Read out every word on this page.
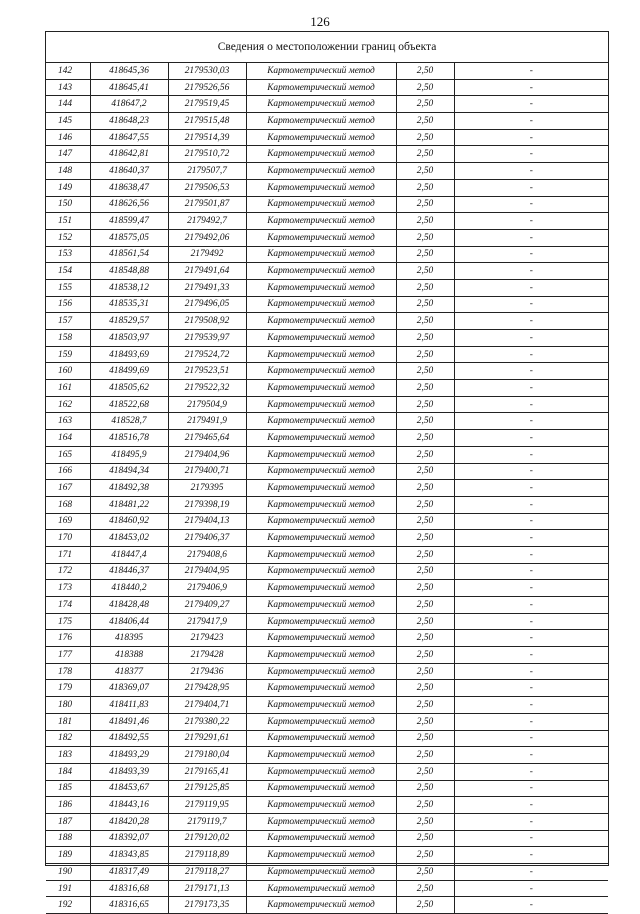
126
Сведения о местоположении границ объекта
142	418645,36	2179530,03	Картометрический метод	2,50	-
143	418645,41	2179526,56	Картометрический метод	2,50	-
144	418647,2	2179519,45	Картометрический метод	2,50	-
145	418648,23	2179515,48	Картометрический метод	2,50	-
146	418647,55	2179514,39	Картометрический метод	2,50	-
147	418642,81	2179510,72	Картометрический метод	2,50	-
148	418640,37	2179507,7	Картометрический метод	2,50	-
149	418638,47	2179506,53	Картометрический метод	2,50	-
150	418626,56	2179501,87	Картометрический метод	2,50	-
151	418599,47	2179492,7	Картометрический метод	2,50	-
152	418575,05	2179492,06	Картометрический метод	2,50	-
153	418561,54	2179492	Картометрический метод	2,50	-
154	418548,88	2179491,64	Картометрический метод	2,50	-
155	418538,12	2179491,33	Картометрический метод	2,50	-
156	418535,31	2179496,05	Картометрический метод	2,50	-
157	418529,57	2179508,92	Картометрический метод	2,50	-
158	418503,97	2179539,97	Картометрический метод	2,50	-
159	418493,69	2179524,72	Картометрический метод	2,50	-
160	418499,69	2179523,51	Картометрический метод	2,50	-
161	418505,62	2179522,32	Картометрический метод	2,50	-
162	418522,68	2179504,9	Картометрический метод	2,50	-
163	418528,7	2179491,9	Картометрический метод	2,50	-
164	418516,78	2179465,64	Картометрический метод	2,50	-
165	418495,9	2179404,96	Картометрический метод	2,50	-
166	418494,34	2179400,71	Картометрический метод	2,50	-
167	418492,38	2179395	Картометрический метод	2,50	-
168	418481,22	2179398,19	Картометрический метод	2,50	-
169	418460,92	2179404,13	Картометрический метод	2,50	-
170	418453,02	2179406,37	Картометрический метод	2,50	-
171	418447,4	2179408,6	Картометрический метод	2,50	-
172	418446,37	2179404,95	Картометрический метод	2,50	-
173	418440,2	2179406,9	Картометрический метод	2,50	-
174	418428,48	2179409,27	Картометрический метод	2,50	-
175	418406,44	2179417,9	Картометрический метод	2,50	-
176	418395	2179423	Картометрический метод	2,50	-
177	418388	2179428	Картометрический метод	2,50	-
178	418377	2179436	Картометрический метод	2,50	-
179	418369,07	2179428,95	Картометрический метод	2,50	-
180	418411,83	2179404,71	Картометрический метод	2,50	-
181	418491,46	2179380,22	Картометрический метод	2,50	-
182	418492,55	2179291,61	Картометрический метод	2,50	-
183	418493,29	2179180,04	Картометрический метод	2,50	-
184	418493,39	2179165,41	Картометрический метод	2,50	-
185	418453,67	2179125,85	Картометрический метод	2,50	-
186	418443,16	2179119,95	Картометрический метод	2,50	-
187	418420,28	2179119,7	Картометрический метод	2,50	-
188	418392,07	2179120,02	Картометрический метод	2,50	-
189	418343,85	2179118,89	Картометрический метод	2,50	-
190	418317,49	2179118,27	Картометрический метод	2,50	-
191	418316,68	2179171,13	Картометрический метод	2,50	-
192	418316,65	2179173,35	Картометрический метод	2,50	-
